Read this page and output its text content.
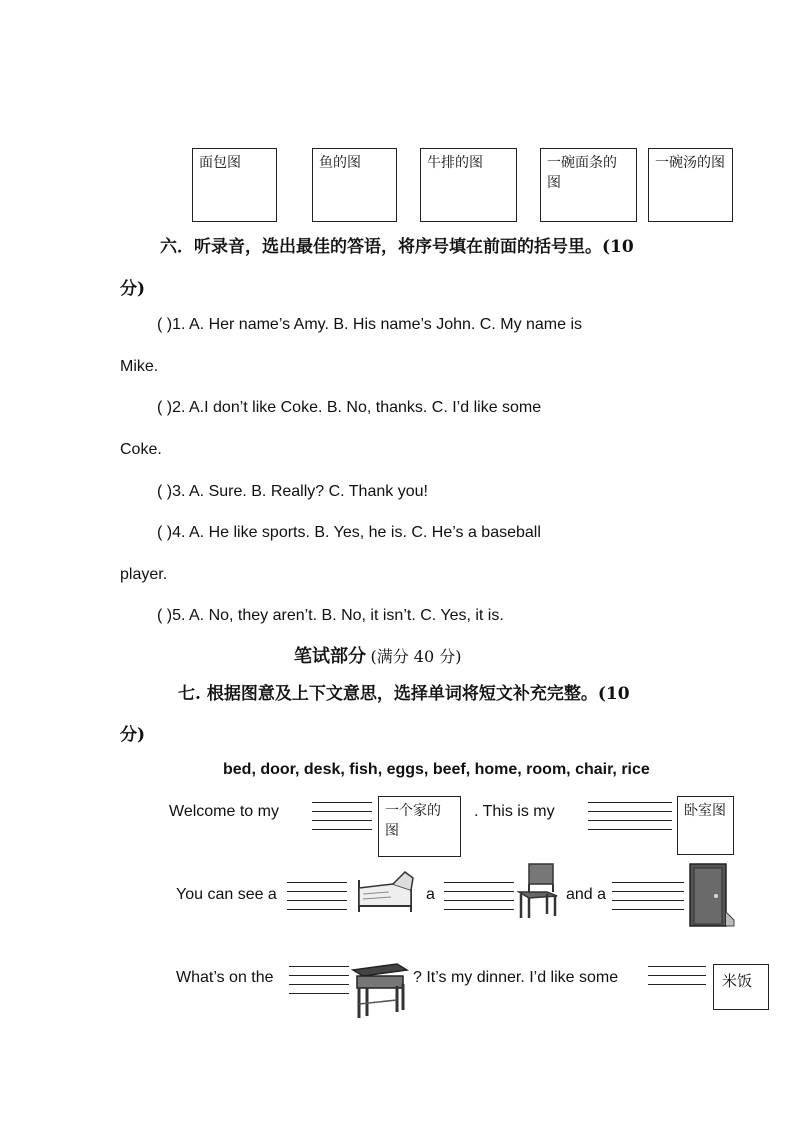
面包图	鱼的图	牛排的图	一碗面条的图
一碗汤的图
六．听录音，选出最佳的答语，将序号填在前面的括号里。(10
分)
( )1. A. Her name’s Amy. B. His name’s John. C. My name is
Mike.
( )2. A.I don’t like Coke. B. No, thanks. C. I’d like some
Coke.
( )3. A. Sure. B. Really? C. Thank you!
( )4. A. He like sports. B. Yes, he is. C. He’s a baseball
player.
( )5. A. No, they aren’t. B. No, it isn’t. C. Yes, it is.
笔试部分 (满分 40 分)
七. 根据图意及上下文意思，选择单词将短文补充完整。(10
分)
bed, door, desk, fish, eggs, beef, home, room, chair, rice
Welcome to my	一个家的图
. This is my	卧室图
You can see a	a	and a
What’s on the	? It’s my dinner. I’d like some	米饭
